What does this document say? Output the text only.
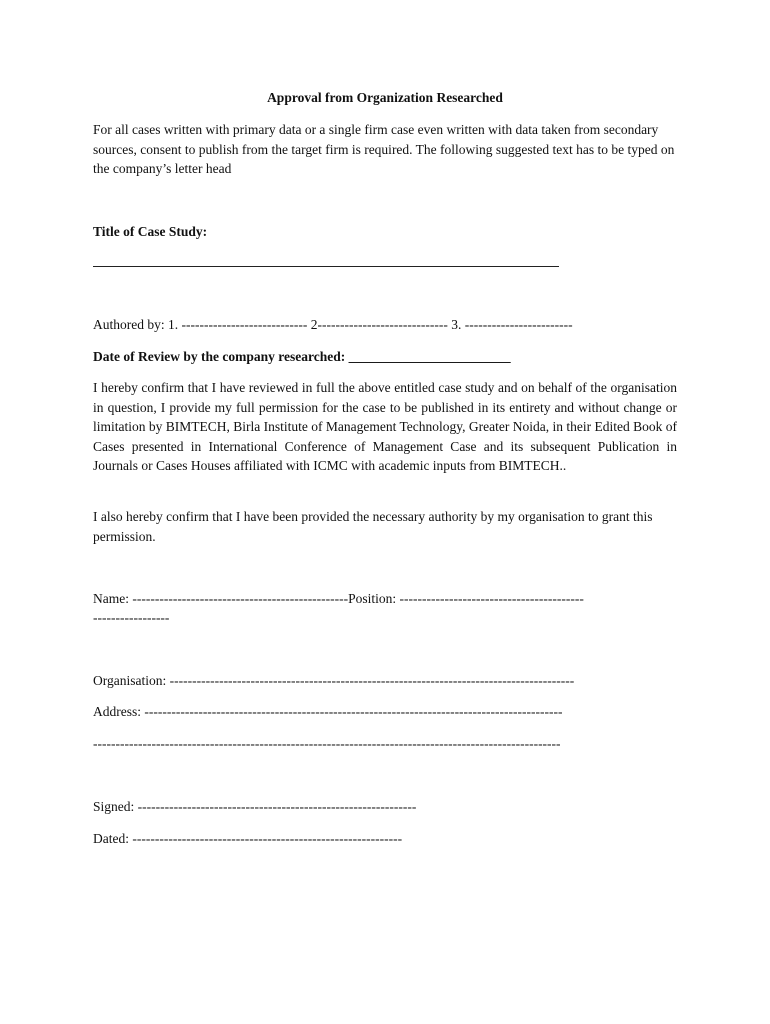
Approval from Organization Researched
For all cases written with primary data or a single firm case even written with data taken from secondary sources, consent to publish from the target firm is required. The following suggested text has to be typed on the company’s letter head
Title of Case Study:
Authored by: 1. ---------------------------- 2----------------------------- 3. ------------------------
Date of Review by the company researched: ________________________
I hereby confirm that I have reviewed in full the above entitled case study and on behalf of the organisation in question, I provide my full permission for the case to be published in its entirety and without change or limitation by BIMTECH, Birla Institute of Management Technology, Greater Noida, in their Edited Book of Cases presented in International Conference of Management Case and its subsequent Publication in Journals or Cases Houses affiliated with ICMC with academic inputs from BIMTECH..
I also hereby confirm that I have been provided the necessary authority by my organisation to grant this permission.
Name: ------------------------------------------------Position: -----------------------------------------
-----------------
Organisation: ------------------------------------------------------------------------------------------
Address: ---------------------------------------------------------------------------------------------
--------------------------------------------------------------------------------------------------------
Signed: --------------------------------------------------------------
Dated: ------------------------------------------------------------
